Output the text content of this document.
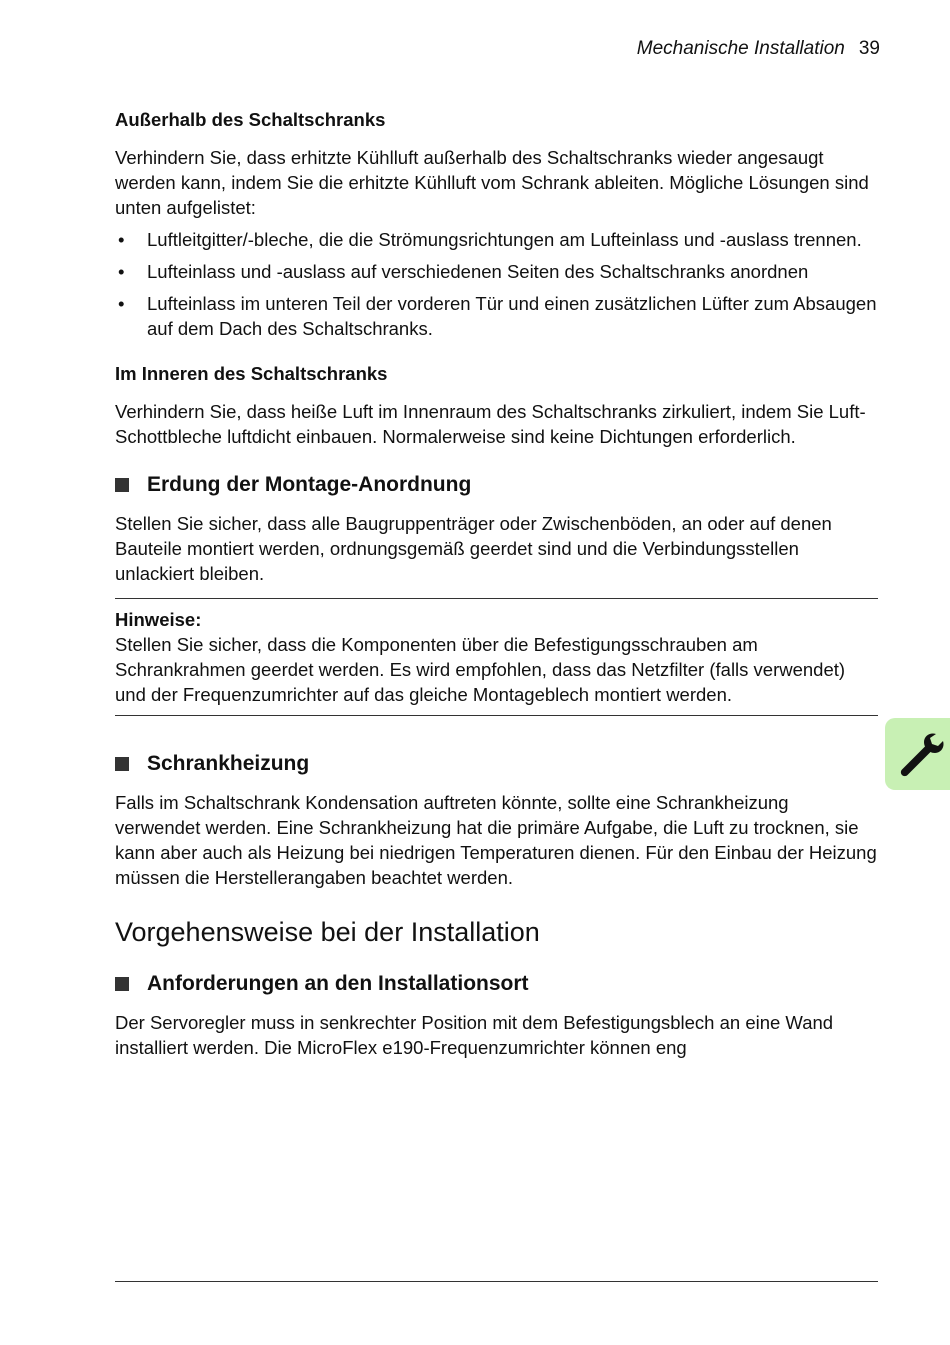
Mechanische Installation 39
Außerhalb des Schaltschranks

Verhindern Sie, dass erhitzte Kühlluft außerhalb des Schaltschranks wieder angesaugt werden kann, indem Sie die erhitzte Kühlluft vom Schrank ableiten. Mögliche Lösungen sind unten aufgelistet:

• Luftleitgitter/-bleche, die die Strömungsrichtungen am Lufteinlass und -auslass trennen.
• Lufteinlass und -auslass auf verschiedenen Seiten des Schaltschranks anordnen
• Lufteinlass im unteren Teil der vorderen Tür und einen zusätzlichen Lüfter zum Absaugen auf dem Dach des Schaltschranks.
Im Inneren des Schaltschranks

Verhindern Sie, dass heiße Luft im Innenraum des Schaltschranks zirkuliert, indem Sie Luft-Schottbleche luftdicht einbauen. Normalerweise sind keine Dichtungen erforderlich.

Erdung der Montage-Anordnung

Stellen Sie sicher, dass alle Baugruppenträger oder Zwischenböden, an oder auf denen Bauteile montiert werden, ordnungsgemäß geerdet sind und die Verbindungsstellen unlackiert bleiben.

Hinweise:

Stellen Sie sicher, dass die Komponenten über die Befestigungsschrauben am Schrankrahmen geerdet werden. Es wird empfohlen, dass das Netzfilter (falls verwendet) und der Frequenzumrichter auf das gleiche Montageblech montiert werden.

Schrankheizung

Falls im Schaltschrank Kondensation auftreten könnte, sollte eine Schrankheizung verwendet werden. Eine Schrankheizung hat die primäre Aufgabe, die Luft zu trocknen, sie kann aber auch als Heizung bei niedrigen Temperaturen dienen. Für den Einbau der Heizung müssen die Herstellerangaben beachtet werden.

Vorgehensweise bei der Installation
Anforderungen an den Installationsort

Der Servoregler muss in senkrechter Position mit dem Befestigungsblech an eine Wand installiert werden. Die MicroFlex e190-Frequenzumrichter können eng
